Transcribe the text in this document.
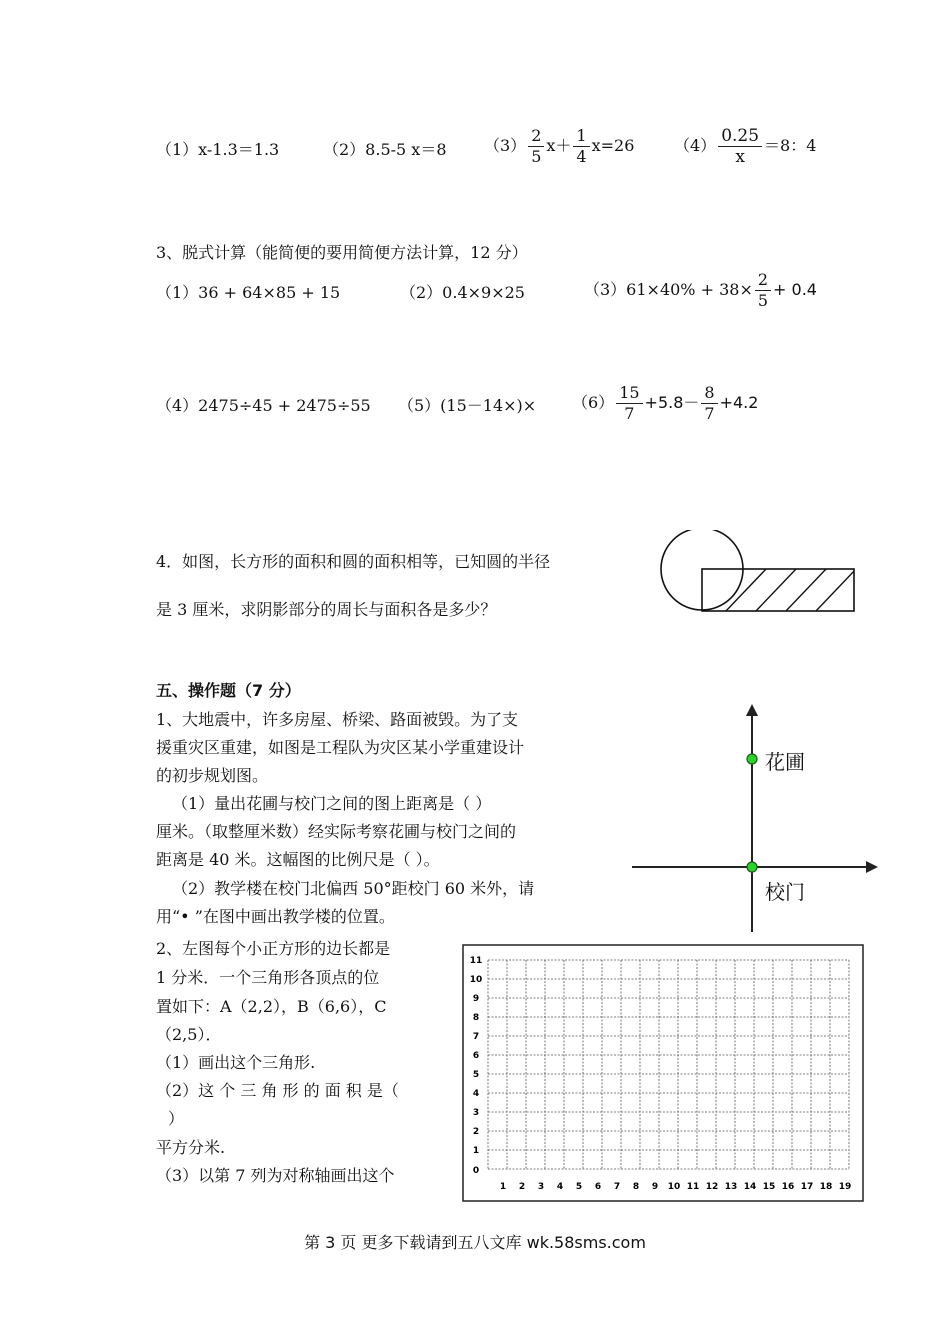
（1）x-1.3＝1.3	（2）8.5-5 x＝8 $(3) \frac{2}{5} x+ \frac{1}{4} x=26$ $(4) \frac{0.25}{x} =8$：4
3、脱式计算（能简便的要用简便方法计算，12 分）
（1）36 + 64×85 + 15	（2）0.4×9×25	$(3)61\times 40\% + 38\times \frac{2}{5} + 0.4$
（4）2475÷45 + 2475÷55 $(5)(15-14\times)\times (6) \frac{15}{7} +5.8- \frac{8}{7} +4.2$
4．如图，长方形的面积和圆的面积相等，已知圆的半径
是 3 厘米，求阴影部分的周长与面积各是多少？
五、操作题（7 分）
1、大地震中，许多房屋、桥梁、路面被毁。为了支
援重灾区重建，如图是工程队为灾区某小学重建设计
的初步规划图。
（1）量出花圃与校门之间的图上距离是（ ）
厘米。（取整厘米数）经实际考察花圃与校门之间的
距离是 40 米。这幅图的比例尺是（ ）。
（2）教学楼在校门北偏西 50°距校门 60 米外，请
用“• ”在图中画出教学楼的位置。
花圃
校门
2、左图每个小正方形的边长都是
1 分米．一个三角形各顶点的位
置如下：A（2,2），B（6,6），C
（2,5）．
（1）画出这个三角形.
（2）这 个 三 角 形 的 面 积 是（
）
平方分米.
（3）以第 7 列为对称轴画出这个
1 2 3 4 5 6 7 8 9 10 11 12 13 14 15 16 17 18 19
0
1
2
3
4
5
6
7
8
9
10
11
第 3 页 更多下载请到五八文库 wk.58sms.com
